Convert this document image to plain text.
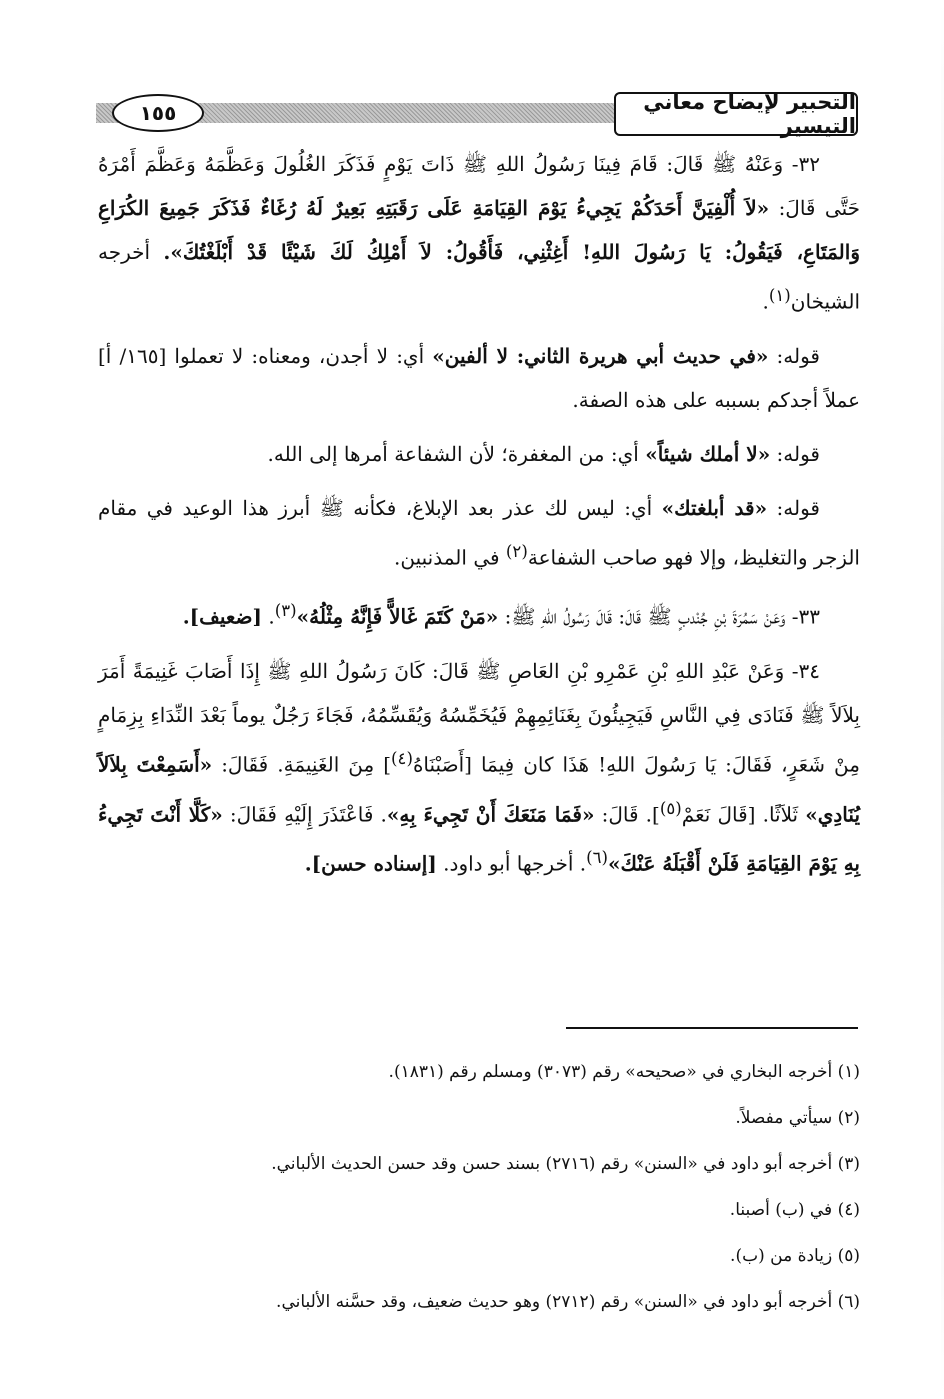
التحبير لإيضاح معاني التيسير
١٥٥

٣٢- وَعَنْهُ ﷺ قَالَ: قَامَ فِينَا رَسُولُ اللهِ ﷺ ذَاتَ يَوْمٍ فَذَكَرَ الغُلُولَ وَعَظَّمَهُ وَعَظَّمَ أَمْرَهُ حَتَّى قَالَ: «لاَ أُلْفِيَنَّ أَحَدَكُمْ يَجِيءُ يَوْمَ القِيَامَةِ عَلَى رَقَبَتِهِ بَعِيرٌ لَهُ رُغَاءٌ فَذَكَرَ جَمِيعَ الكُرَاعِ وَالمَتَاعِ، فَيَقُولُ: يَا رَسُولَ اللهِ! أَغِثْنِي، فَأَقُولُ: لاَ أَمْلِكُ لَكَ شَيْئًا قَدْ أَبْلَغْتُكَ». أخرجه الشيخان$^{(١)}$.

قوله: «في حديث أبي هريرة الثاني: لا ألفين» أي: لا أجدن، ومعناه: لا تعملوا [١٦٥/ أ] عملاً أجدكم بسببه على هذه الصفة.

قوله: «لا أملك شيئاً» أي: من المغفرة؛ لأن الشفاعة أمرها إلى الله.

قوله: «قد أبلغتك» أي: ليس لك عذر بعد الإبلاغ، فكأنه ﷺ أبرز هذا الوعيد في مقام الزجر والتغليظ، وإلا فهو صاحب الشفاعة$^{(٢)}$ في المذنبين.

٣٣- وَعَنْ سَمُرَةَ بْنِ جُنْدبٍ ﷺ قَالَ: قَالَ رَسُولُ اللهِ ﷺ: «مَنْ كَتَمَ غَالاًّ فَإِنَّهُ مِثْلُهُ»$^{(٣)}$. [ضعيف].

٣٤- وَعَنْ عَبْدِ اللهِ بْنِ عَمْرِو بْنِ العَاصِ ﷺ قَالَ: كَانَ رَسُولُ اللهِ ﷺ إِذَا أَصَابَ غَنِيمَةً أَمَرَ بِلاَلاً ﷺ فَنَادَى فِي النَّاسِ فَيَجِيئُونَ بِغَنَائِمِهِمْ فَيُخَمِّسُهُ وَيُقَسِّمُهُ، فَجَاءَ رَجُلٌ يوماً بَعْدَ النِّدَاءِ بِزِمَامٍ مِنْ شَعَرٍ، فَقَالَ: يَا رَسُولَ اللهِ! هَذَا كان فِيمَا [أَصَبْنَاهُ$^{(٤)}$] مِنَ الغَنِيمَةِ. فَقَالَ: «أَسَمِعْتَ بِلاَلاً يُنَادِي» ثَلاَثًا. [قَالَ نَعَمْ$^{(٥)}$]. قَالَ: «فَمَا مَنَعَكَ أَنْ تَجِيءَ بِهِ». فَاعْتَذَرَ إِلَيْهِ فَقَالَ: «كَلَّا أَنْتَ تَجِيءُ بِهِ يَوْمَ القِيَامَةِ فَلَنْ أَقْبَلَهُ عَنْكَ»$^{(٦)}$. أخرجها أبو داود. [إسناده حسن].

(١) أخرجه البخاري في «صحيحه» رقم (٣٠٧٣) ومسلم رقم (١٨٣١).
(٢) سيأتي مفصلاً.
(٣) أخرجه أبو داود في «السنن» رقم (٢٧١٦) بسند حسن وقد حسن الحديث الألباني.
(٤) في (ب) أصبنا.
(٥) زيادة من (ب).
(٦) أخرجه أبو داود في «السنن» رقم (٢٧١٢) وهو حديث ضعيف، وقد حسَّنه الألباني.
